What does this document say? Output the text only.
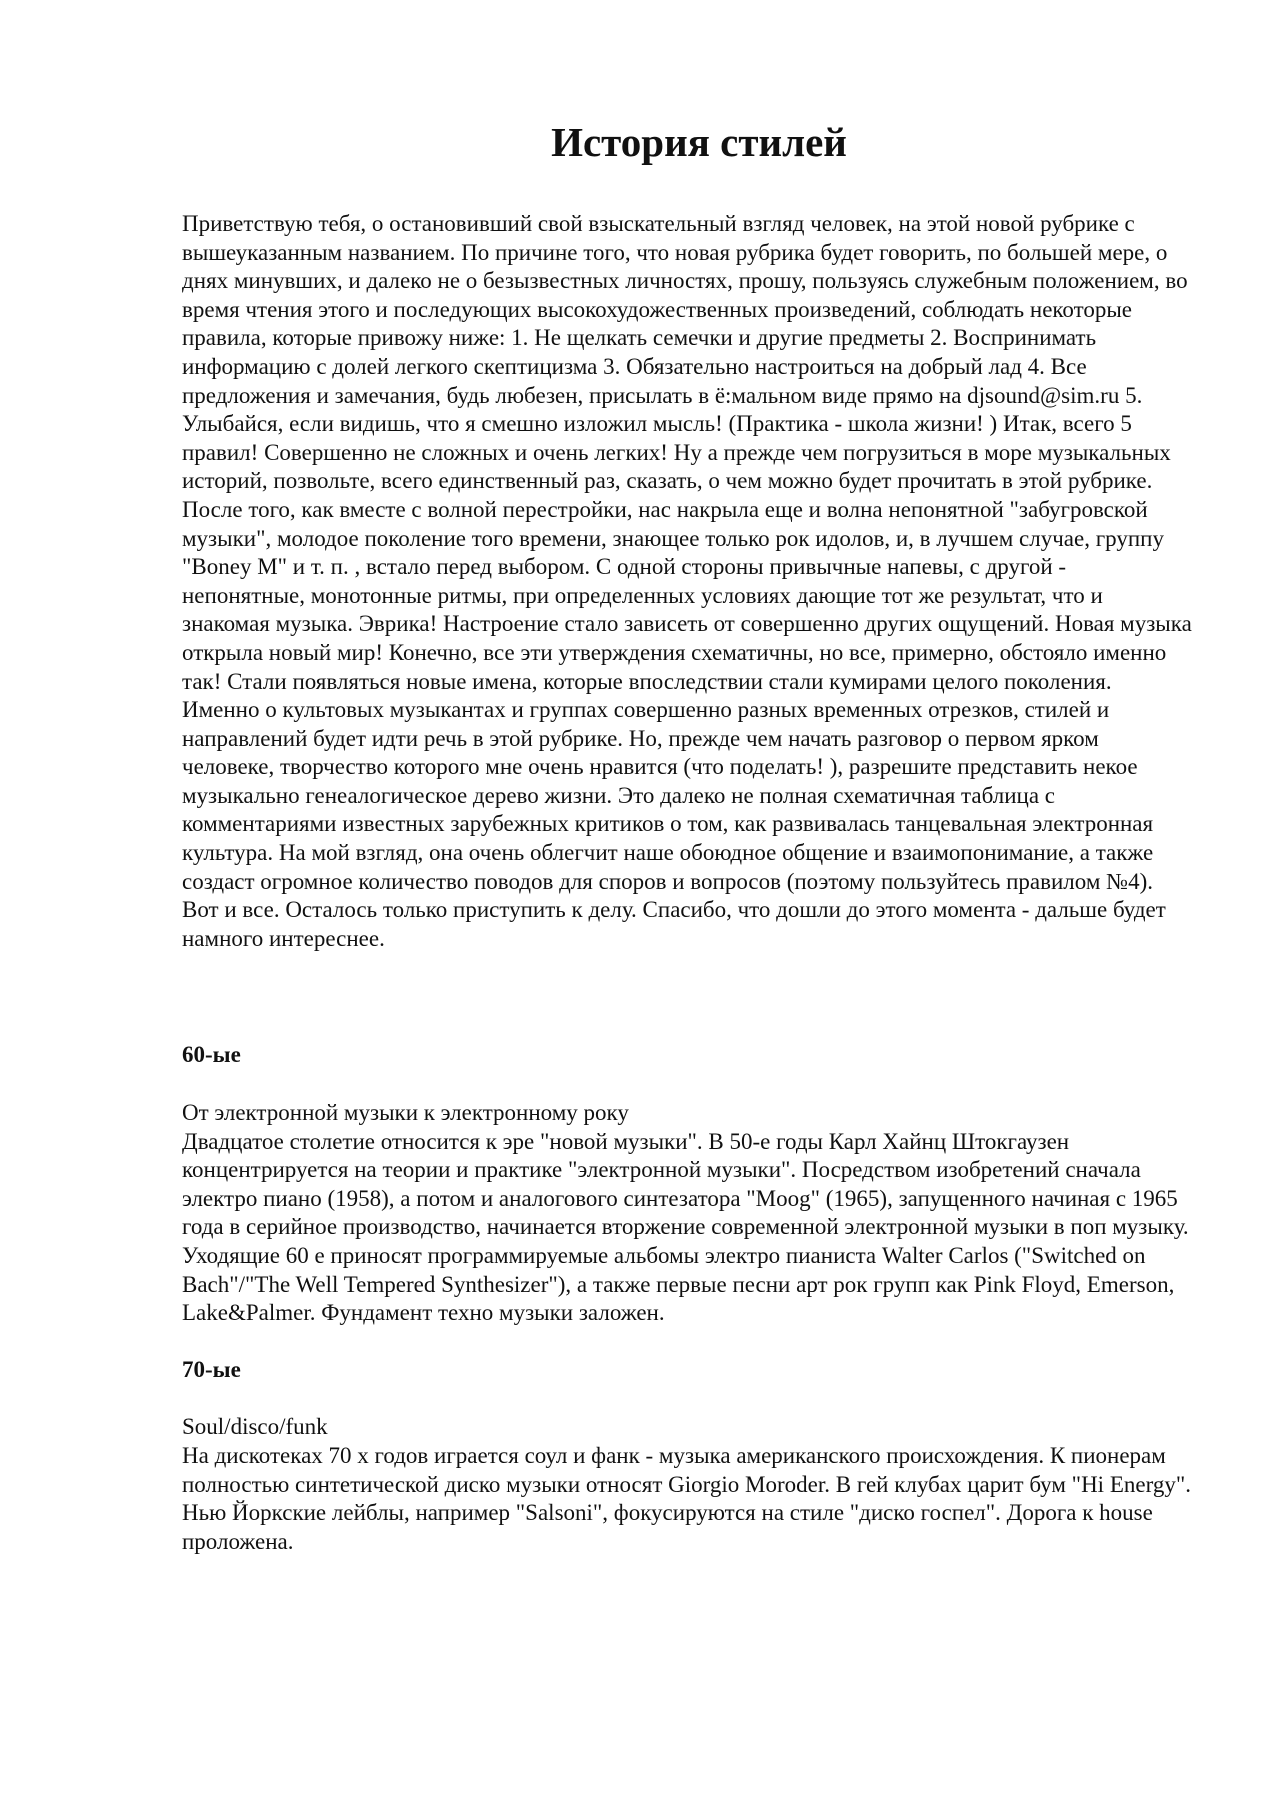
История стилей

Приветствую тебя, о остановивший свой взыскательный взгляд человек, на этой новой рубрике с вышеуказанным названием. По причине того, что новая рубрика будет говорить, по большей мере, о днях минувших, и далеко не о безызвестных личностях, прошу, пользуясь служебным положением, во время чтения этого и последующих высокохудожественных произведений, соблюдать некоторые правила, которые привожу ниже: 1. Не щелкать семечки и другие предметы 2. Воспринимать информацию с долей легкого скептицизма 3. Обязательно настроиться на добрый лад 4. Все предложения и замечания, будь любезен, присылать в ё:мальном виде прямо на djsound@sim.ru 5. Улыбайся, если видишь, что я смешно изложил мысль! (Практика - школа жизни! ) Итак, всего 5 правил! Совершенно не сложных и очень легких! Ну а прежде чем погрузиться в море музыкальных историй, позвольте, всего единственный раз, сказать, о чем можно будет прочитать в этой рубрике. После того, как вместе с волной перестройки, нас накрыла еще и волна непонятной "забугровской музыки", молодое поколение того времени, знающее только рок идолов, и, в лучшем случае, группу "Boney M" и т. п. , встало перед выбором. С одной стороны привычные напевы, с другой - непонятные, монотонные ритмы, при определенных условиях дающие тот же результат, что и знакомая музыка. Эврика! Настроение стало зависеть от совершенно других ощущений. Новая музыка открыла новый мир! Конечно, все эти утверждения схематичны, но все, примерно, обстояло именно так! Стали появляться новые имена, которые впоследствии стали кумирами целого поколения. Именно о культовых музыкантах и группах совершенно разных временных отрезков, стилей и направлений будет идти речь в этой рубрике. Но, прежде чем начать разговор о первом ярком человеке, творчество которого мне очень нравится (что поделать! ), разрешите представить некое музыкально генеалогическое дерево жизни. Это далеко не полная схематичная таблица с комментариями известных зарубежных критиков о том, как развивалась танцевальная электронная культура. На мой взгляд, она очень облегчит наше обоюдное общение и взаимопонимание, а также создаст огромное количество поводов для споров и вопросов (поэтому пользуйтесь правилом №4). Вот и все. Осталось только приступить к делу. Спасибо, что дошли до этого момента - дальше будет намного интереснее.

60-ые

От электронной музыки к электронному року

Двадцатое столетие относится к эре "новой музыки". В 50-е годы Карл Хайнц Штокгаузен концентрируется на теории и практике "электронной музыки". Посредством изобретений сначала электро пиано (1958), а потом и аналогового синтезатора "Moog" (1965), запущенного начиная с 1965 года в серийное производство, начинается вторжение современной электронной музыки в поп музыку. Уходящие 60 е приносят программируемые альбомы электро пианиста Walter Carlos ("Switched on Bach"/"The Well Tempered Synthesizer"), а также первые песни арт рок групп как Pink Floyd, Emerson, Lake&Palmer. Фундамент техно музыки заложен.

70-ые

Soul/disco/funk

На дискотеках 70 х годов играется соул и фанк - музыка американского происхождения. К пионерам полностью синтетической диско музыки относят Giorgio Moroder. В гей клубах царит бум "Hi Energy". Нью Йоркские лейблы, например "Salsoni", фокусируются на стиле "диско госпел". Дорога к house проложена.
